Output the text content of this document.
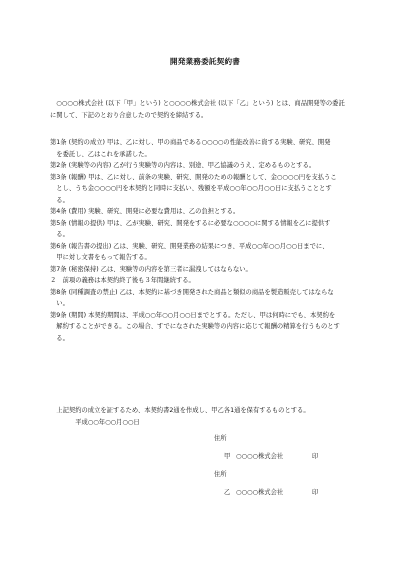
開発業務委託契約書
　○○○○株式会社 (以下「甲」という) と○○○○株式会社 (以下「乙」という) とは、商品開発等の委託
に関して、下記のとおり合意したので契約を締結する。
第1条 (契約の成立) 甲は、乙に対し、甲の商品である○○○○の性能改善に資する実験、研究、開発
　を委託し、乙はこれを承諾した。
第2条 (実験等の内容) 乙が行う実験等の内容は、別途、甲乙協議のうえ、定めるものとする。
第3条 (報酬) 甲は、乙に対し、前条の実験、研究、開発のための報酬として、金○○○○円を支払うこ
　とし、うち金○○○○円を本契約と同時に支払い、残額を平成○○年○○月○○日に支払うこととす
　る。
第4条 (費用) 実験、研究、開発に必要な費用は、乙の負担とする。
第5条 (情報の提供) 甲は、乙が実験、研究、開発をするに必要な○○○○に関する情報を乙に提供す
　る。
第6条 (報告書の提出) 乙は、実験、研究、開発業務の結果につき、平成○○年○○月○○日までに、
　甲に対し文書をもって報告する。
第7条 (秘密保持) 乙は、実験等の内容を第三者に漏洩してはならない。
２　前項の義務は本契約終了後も３年間継続する。
第8条 (同種調査の禁止) 乙は、本契約に基づき開発された商品と類似の商品を製造販売してはならな
　い。
第9条 (期間) 本契約期間は、平成○○年○○月○○日までとする。ただし、甲は何時にでも、本契約を
　解約することができる。この場合、すでになされた実験等の内容に応じて報酬の精算を行うものとす
　る。
　上記契約の成立を証するため、本契約書2通を作成し、甲乙各1通を保有するものとする。
　　　　平成○○年○○月○○日
住所
甲 ○○○○株式会社	印
住所
乙 ○○○○株式会社	印
